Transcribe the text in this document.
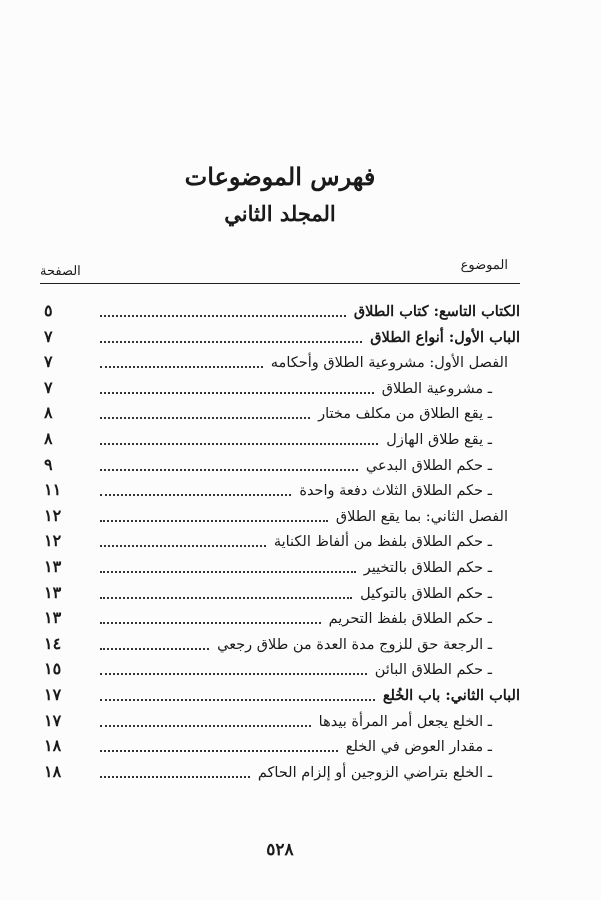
فهرس الموضوعات
المجلد الثاني
الموضوع
الصفحة
الكتاب التاسع: كتاب الطلاق
٥
الباب الأول: أنواع الطلاق
٧
الفصل الأول: مشروعية الطلاق وأحكامه
٧
ـ مشروعية الطلاق
٧
ـ يقع الطلاق من مكلف مختار
٨
ـ يقع طلاق الهازل
٨
ـ حكم الطلاق البدعي
٩
ـ حكم الطلاق الثلاث دفعة واحدة
١١
الفصل الثاني: بما يقع الطلاق
١٢
ـ حكم الطلاق بلفظ من ألفاظ الكناية
١٢
ـ حكم الطلاق بالتخيير
١٣
ـ حكم الطلاق بالتوكيل
١٣
ـ حكم الطلاق بلفظ التحريم
١٣
ـ الرجعة حق للزوج مدة العدة من طلاق رجعي
١٤
ـ حكم الطلاق البائن
١٥
الباب الثاني: باب الخُلع
١٧
ـ الخلع يجعل أمر المرأة بيدها
١٧
ـ مقدار العوض في الخلع
١٨
ـ الخلع بتراضي الزوجين أو إلزام الحاكم
١٨
٥٢٨
